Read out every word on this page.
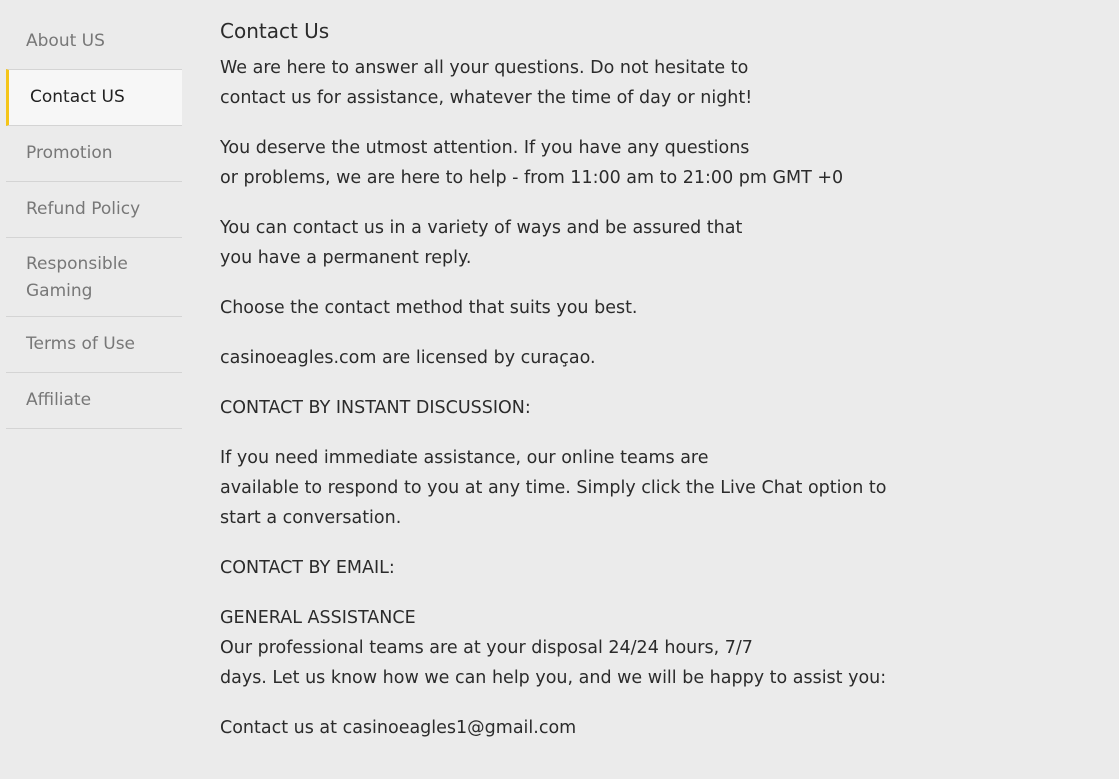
About US
Contact US
Promotion
Refund Policy
Responsible Gaming
Terms of Use
Affiliate
Contact Us

We are here to answer all your questions. Do not hesitate to
contact us for assistance, whatever the time of day or night!

You deserve the utmost attention. If you have any questions
or problems, we are here to help - from 11:00 am to 21:00 pm GMT +0

You can contact us in a variety of ways and be assured that
you have a permanent reply.

Choose the contact method that suits you best.

casinoeagles.com are licensed by curaçao.

CONTACT BY INSTANT DISCUSSION:

If you need immediate assistance, our online teams are
available to respond to you at any time. Simply click the Live Chat option to
start a conversation.

CONTACT BY EMAIL:

GENERAL ASSISTANCE
Our professional teams are at your disposal 24/24 hours, 7/7
days. Let us know how we can help you, and we will be happy to assist you:

Contact us at casinoeagles1@gmail.com
